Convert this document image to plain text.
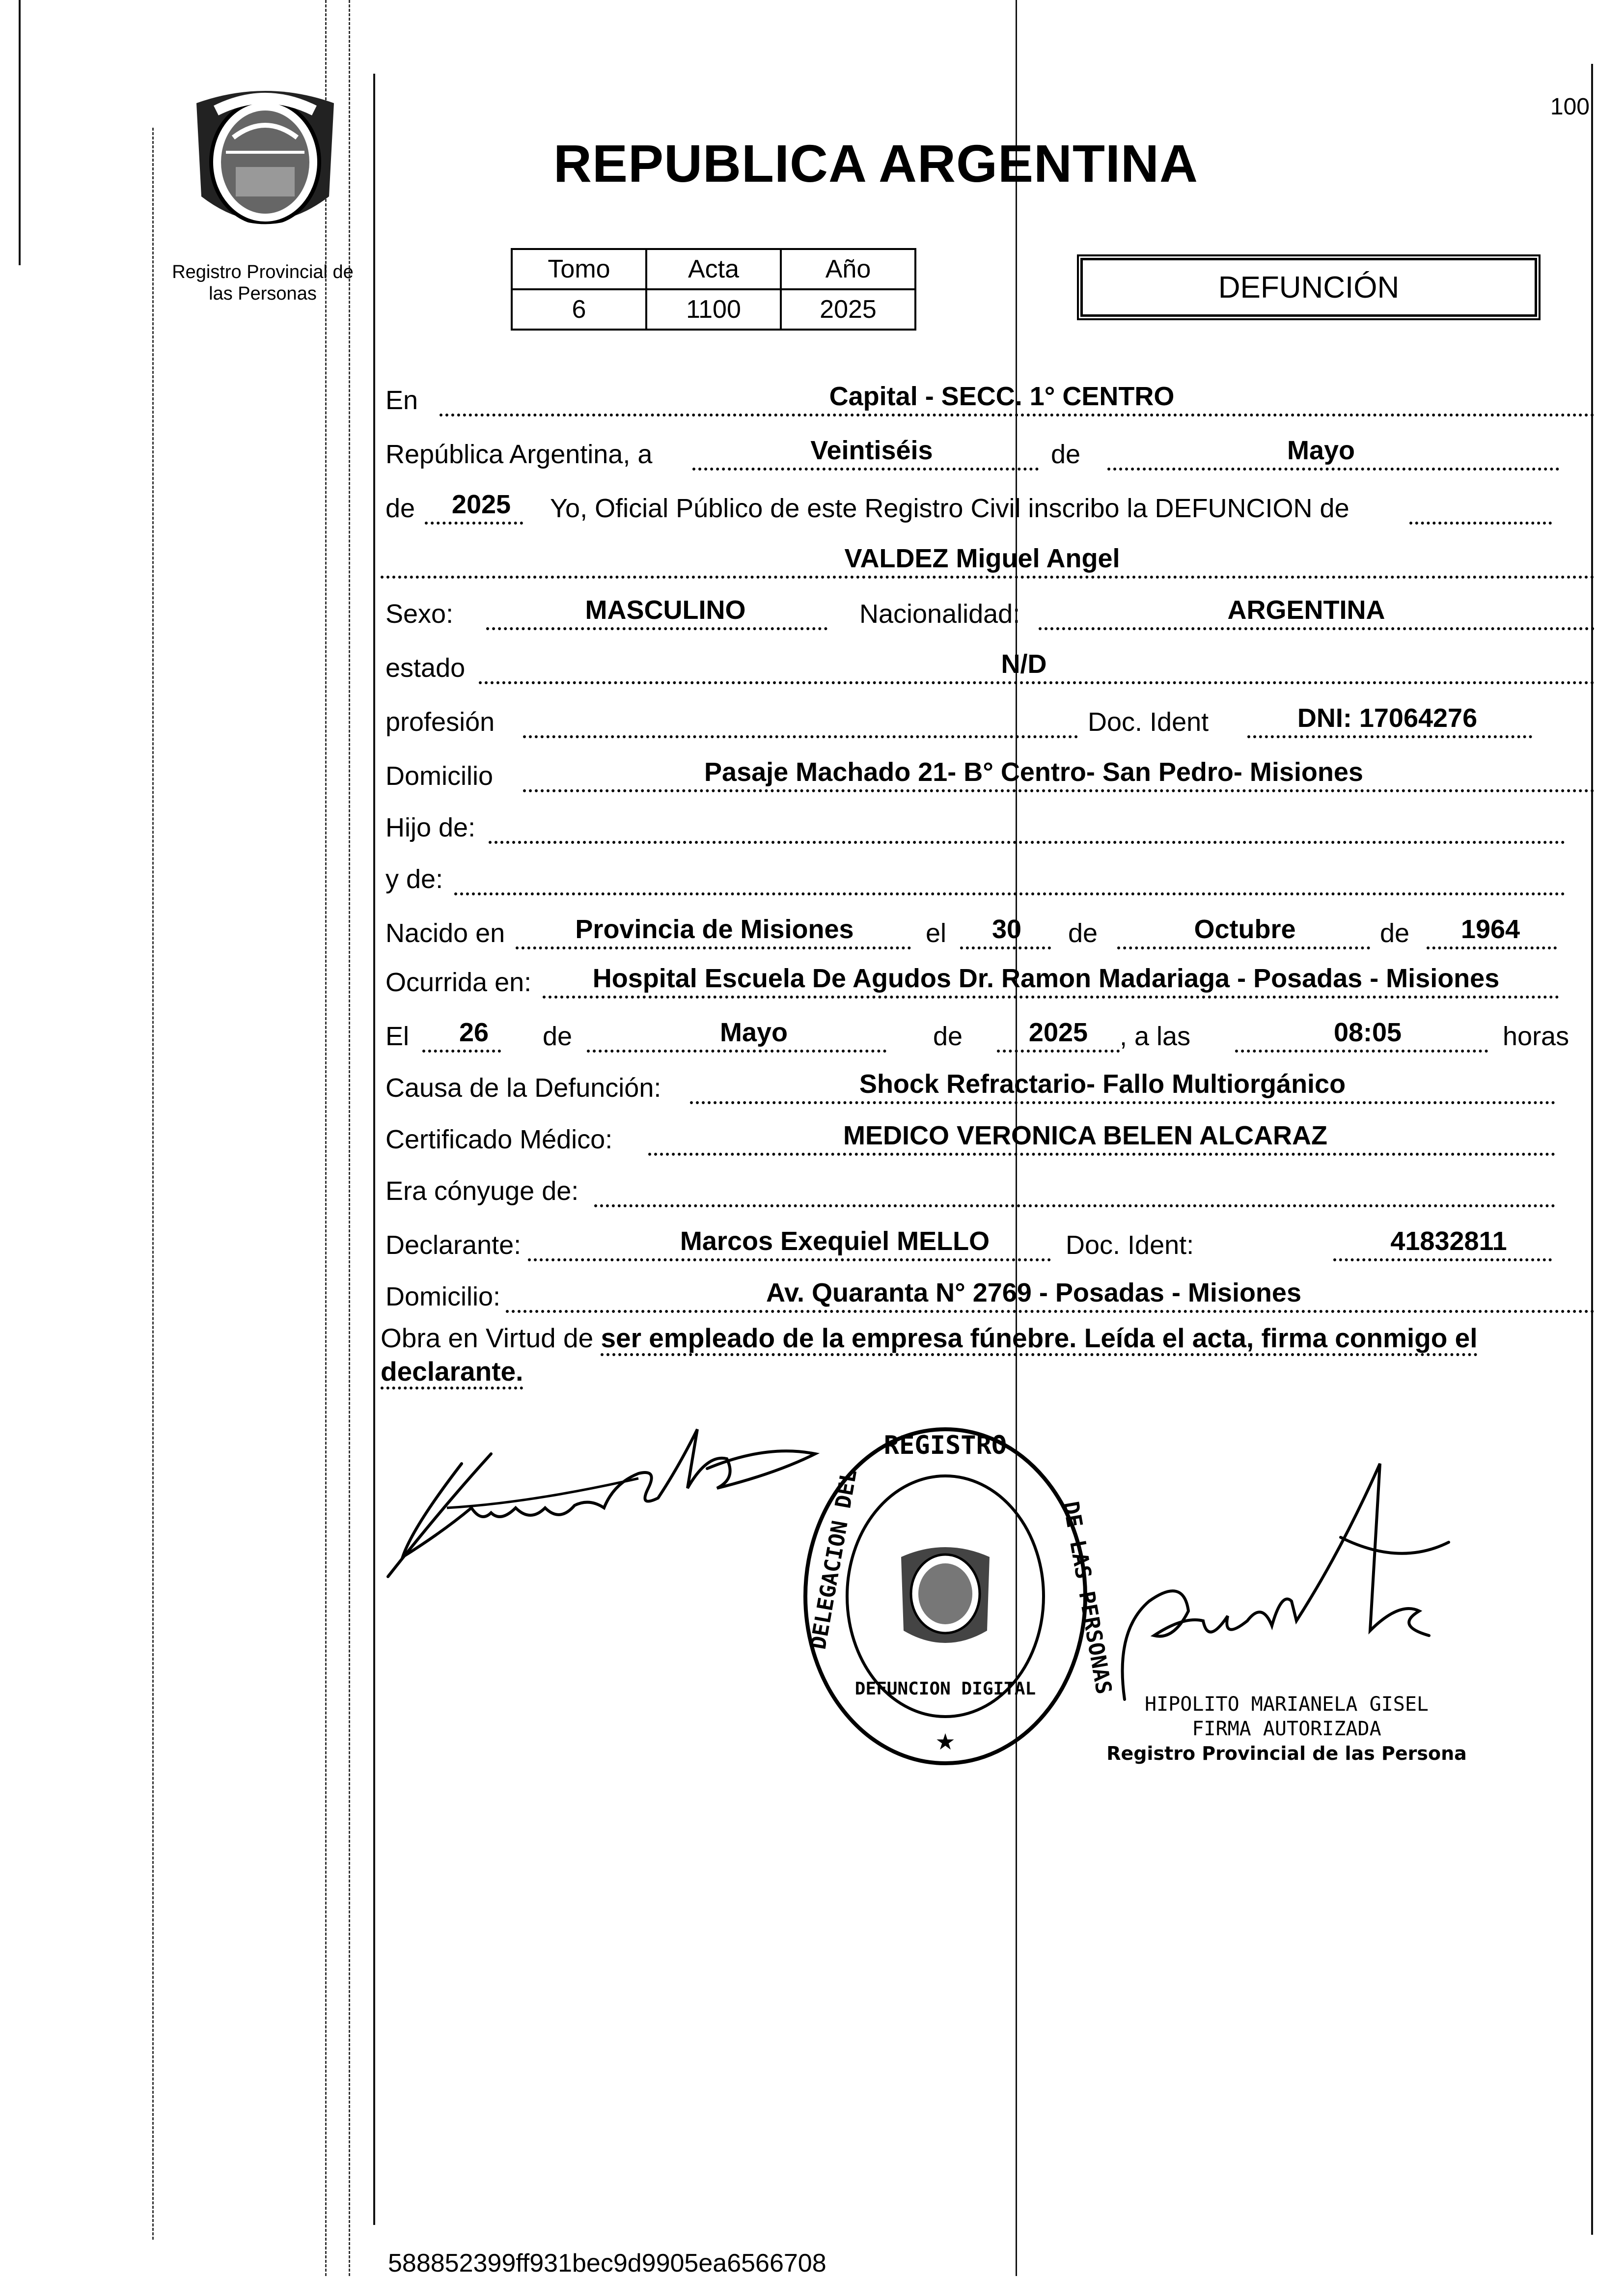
100
REPUBLICA ARGENTINA
Registro Provincial de
las Personas
Tomo	Acta	Año
6	1100	2025
DEFUNCIÓN
En	Capital - SECC. 1° CENTRO
República Argentina, a	Veintiséis	de	Mayo
de 2025 Yo, Oficial Público de este Registro Civil inscribo la DEFUNCION de
VALDEZ Miguel Angel
Sexo:	MASCULINO	Nacionalidad:	ARGENTINA
estado	N/D
profesión	Doc. Ident	DNI: 17064276
Domicilio	Pasaje Machado 21- B° Centro- San Pedro- Misiones
Hijo de:
y de:
Nacido en	Provincia de Misiones	el 30 de	Octubre	de 1964
Ocurrida en: Hospital Escuela De Agudos Dr. Ramon Madariaga - Posadas - Misiones
El 26 de	Mayo	de 2025 , a las	08:05	horas
Causa de la Defunción:	Shock Refractario- Fallo Multiorgánico
Certificado Médico:	MEDICO VERONICA BELEN ALCARAZ
Era cónyuge de:
Declarante:	Marcos Exequiel MELLO	Doc. Ident:	41832811
Domicilio:	Av. Quaranta N° 2769 - Posadas - Misiones
Obra en Virtud de ser empleado de la empresa fúnebre. Leída el acta, firma conmigo el declarante.
REGISTRO
DELEGACION DEL	DE LAS PERSONAS
DEFUNCION DIGITAL
★
HIPOLITO MARIANELA GISEL
FIRMA AUTORIZADA
Registro Provincial de las Persona
588852399ff931bec9d9905ea6566708
